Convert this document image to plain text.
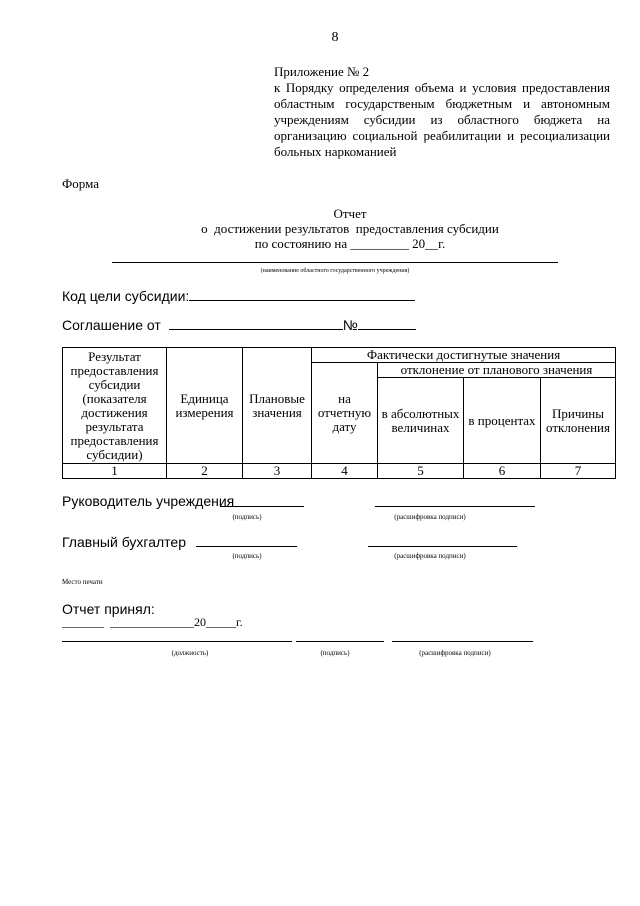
8
Приложение № 2
к Порядку определения объема и условия предоставления областным государственым бюджетным и автономным учреждениям субсидии из областного бюджета на организацию социальной реабилитации и ресоциализации больных наркоманией
Форма
Отчет
о  достижении результатов  предоставления субсидии
по состоянию на _________ 20__г.
(наименование областного государственного учреждения)
Код цели субсидии:
Соглашение от	№
Результат предоставления субсидии (показателя достижения результата предоставления субсидии)	Единица измерения	Плановые значения	Фактически достигнутые значения			
			на отчетную дату	отклонение от планового значения		
				в абсолютных величинах	в процентах	Причины отклонения
1	2	3	4	5	6	7
Руководитель учреждения
(подпись)	(расшифровка подписи)
Главный бухгалтер
(подпись)	(расшифровка подписи)
Место печати
Отчет принял:
_______  ______________20_____г.
(должность)	(подпись)	(расшифровка подписи)
